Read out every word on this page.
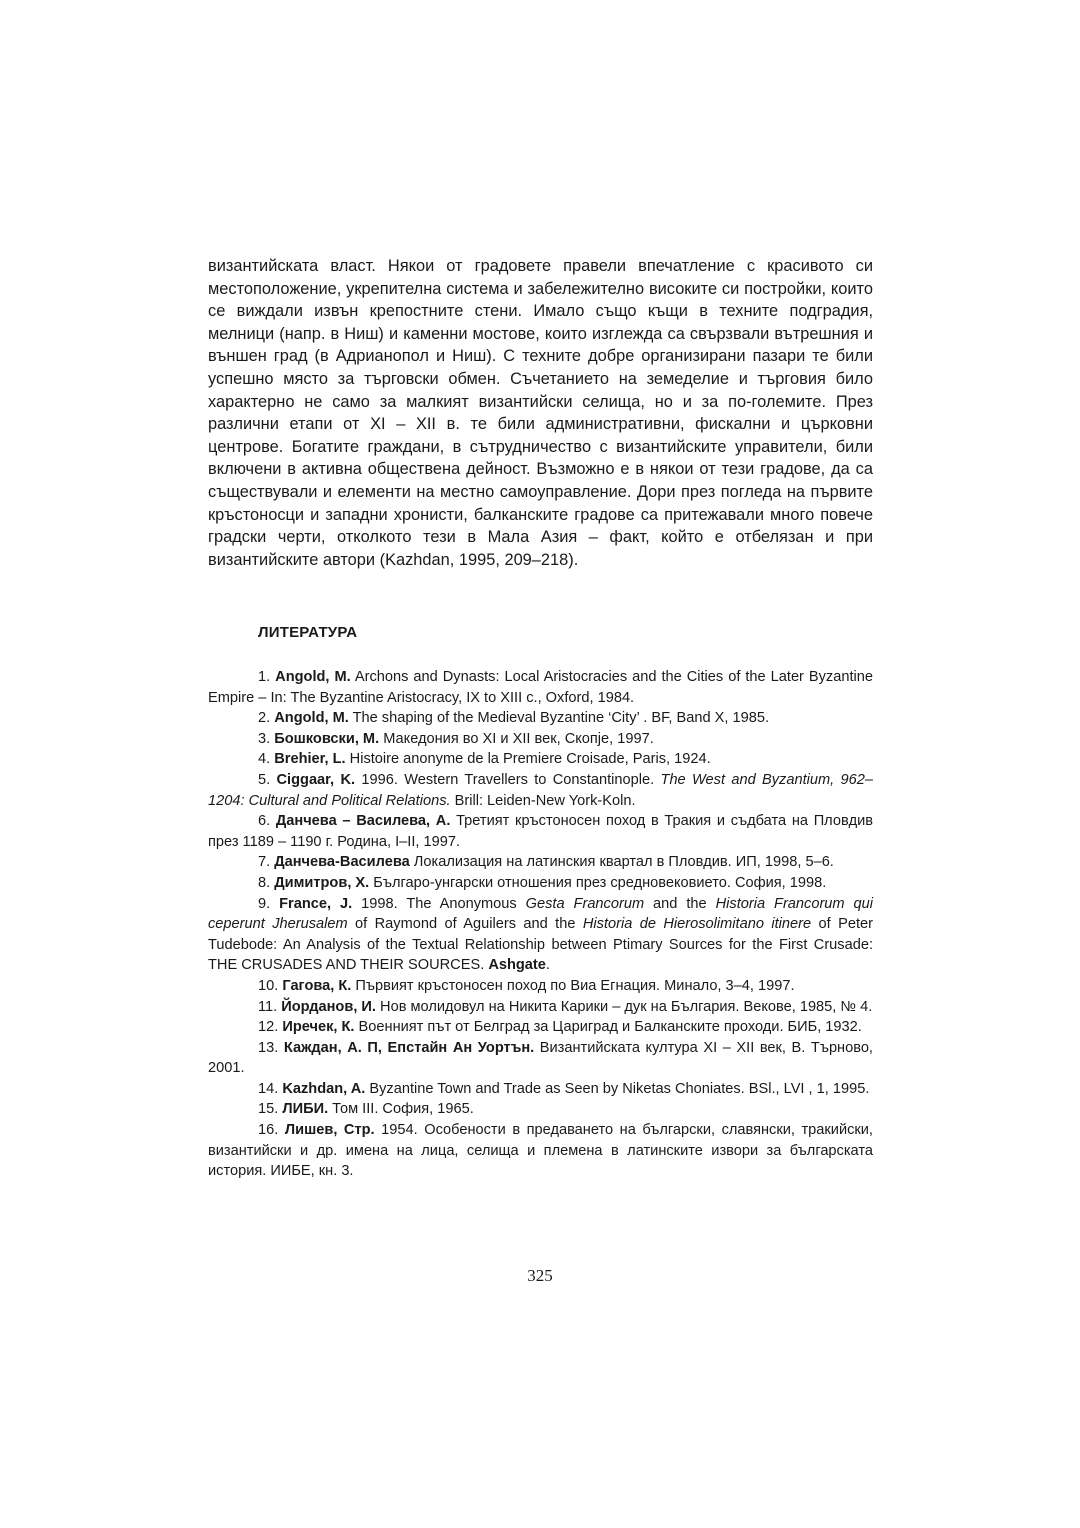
византийската власт. Някои от градовете правели впечатление с красивото си местоположение, укрепителна система и забележително високите си постройки, които се виждали извън крепостните стени. Имало също къщи в техните подградия, мелници (напр. в Ниш) и каменни мостове, които изглежда са свързвали вътрешния и външен град (в Адрианопол и Ниш). С техните добре организирани пазари те били успешно място за търговски обмен. Съчетанието на земеделие и търговия било характерно не само за малкият византийски селища, но и за по-големите. През различни етапи от XI – XII в. те били административни, фискални и църковни центрове. Богатите граждани, в сътрудничество с византийските управители, били включени в активна обществена дейност. Възможно е в някои от тези градове, да са съществували и елементи на местно самоуправление. Дори през погледа на първите кръстоносци и западни хронисти, балканските градове са притежавали много повече градски черти, отколкото тези в Мала Азия – факт, който е отбелязан и при византийските автори (Kazhdan, 1995, 209–218).

ЛИТЕРАТУРА

1. Angold, M. Archons and Dynasts: Local Aristocracies and the Cities of the Later Byzantine Empire – In: The Byzantine Aristocracy, IX to XIII c., Oxford, 1984.

2. Angold, M. The shaping of the Medieval Byzantine ‘City’ . BF, Band X, 1985.

3. Бошковски, М. Македония во XI и XII век, Скопjе, 1997.

4. Brehier, L. Histoire anonyme de la Premiere Croisade, Paris, 1924.

5. Ciggaar, K. 1996. Western Travellers to Constantinople. The West and Byzantium, 962–1204: Cultural and Political Relations. Brill: Leiden-New York-Koln.

6. Данчева – Василева, А. Третият кръстоносен поход в Тракия и съдбата на Пловдив през 1189 – 1190 г. Родина, I–II, 1997.

7. Данчева-Василева Локализация на латинския квартал в Пловдив. ИП, 1998, 5–6.

8. Димитров, Х. Българо-унгарски отношения през средновековието. София, 1998.

9. France, J. 1998. The Anonymous Gesta Francorum and the Historia Francorum qui ceperunt Jherusalem of Raymond of Aguilers and the Historia de Hierosolimitano itinere of Peter Tudebode: An Analysis of the Textual Relationship between Ptimary Sources for the First Crusade: THE CRUSADES AND THEIR SOURCES. Ashgate.

10. Гагова, К. Първият кръстоносен поход по Виа Егнация. Минало, 3–4, 1997.

11. Йорданов, И. Нов молидовул на Никита Карики – дук на България. Векове, 1985, № 4.

12. Иречек, К. Военният път от Белград за Цариград и Балканските проходи. БИБ, 1932.

13. Каждан, А. П, Епстайн Ан Уортън. Византийската култура XI – XII век, В. Търново, 2001.

14. Kazhdan, A. Byzantine Town and Trade as Seen by Niketas Choniates. BSl., LVI , 1, 1995.

15. ЛИБИ. Том III. София, 1965.

16. Лишев, Стр. 1954. Особености в предаването на български, славянски, тракийски, византийски и др. имена на лица, селища и племена в латинските извори за българската история. ИИБЕ, кн. 3.

325
